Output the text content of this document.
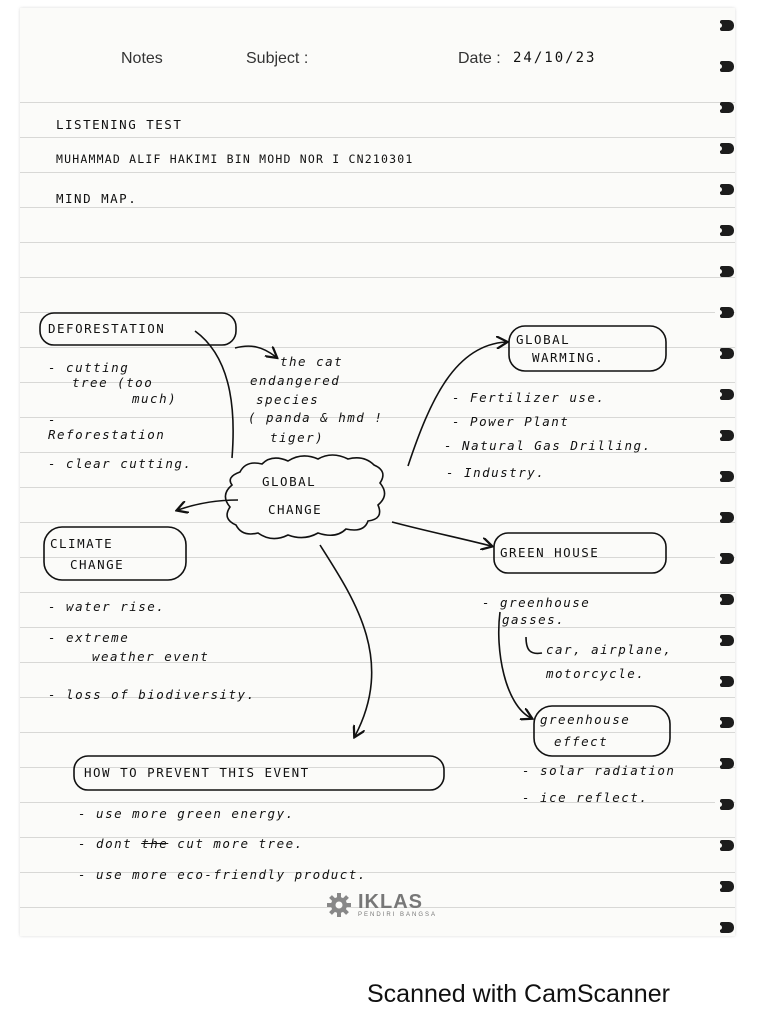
Notes	Subject :	Date : 24/10/23
LISTENING TEST
MUHAMMAD ALIF HAKIMI BIN MOHD NOR I CN210301
MIND MAP.
DEFORESTATION
- cutting
tree (too
much)
-
Reforestation
- clear cutting.
the cat
endangered
species
( panda & hmd !
tiger)
GLOBAL
CHANGE
GLOBAL
WARMING.
- Fertilizer use.
- Power Plant
- Natural Gas Drilling.
- Industry.
CLIMATE
CHANGE
- water rise.
- extreme
weather event
- loss of biodiversity.
GREEN HOUSE
- greenhouse
gasses.
car, airplane,
motorcycle.
greenhouse
effect
- solar radiation
- ice reflect.
HOW TO PREVENT THIS EVENT
- use more green energy.
- dont the cut more tree.
- use more eco-friendly product.
IKLAS
PENDIRI BANGSA
Scanned with CamScanner
